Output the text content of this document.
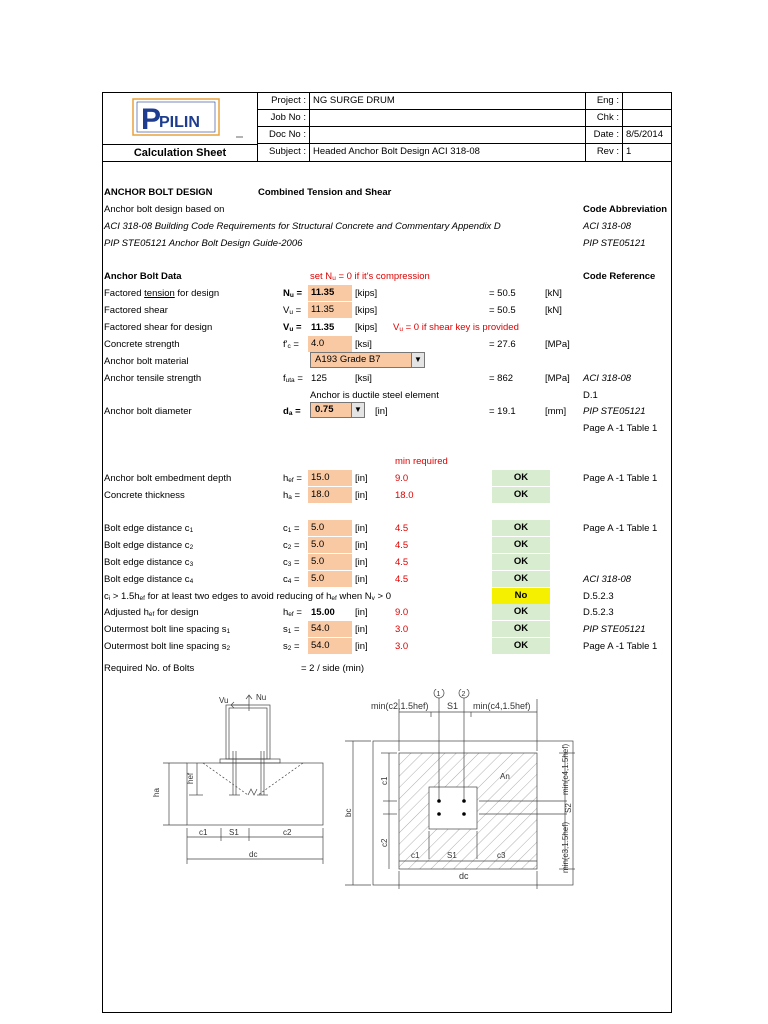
P
PILIN
Calculation Sheet
Project : NG SURGE DRUM	Eng :
Job No :	Chk :
Doc No :	Date : 8/5/2014
Subject : Headed Anchor Bolt Design ACI 318-08	Rev : 1
ANCHOR BOLT DESIGN	Combined Tension and Shear
Anchor bolt design based on	Code Abbreviation
ACI 318-08 Building Code Requirements for Structural Concrete and Commentary Appendix D	ACI 318-08
PIP STE05121 Anchor Bolt Design Guide-2006	PIP STE05121
Anchor Bolt Data	set $N_u = 0$ if it's compression	Code Reference
Factored tension for design	$N_u = 11.35$	[kips]	= 50.5	[kN]
Factored shear	$V_u$ =	11.35	[kips]	= 50.5	[kN]
Factored shear for design	$V_u = 11.35$ [kips] $V_u = 0$ if shear key is provided
Concrete strength	$f'_c$ =	4.0	[ksi]	= 27.6	[MPa]
Anchor bolt material	A193 Grade B7	▼
Anchor tensile strength	$f_{uta} = 125$	[ksi]	= 862	[MPa] ACI 318-08
Anchor is ductile steel element	D.1
Anchor bolt diameter	$d_a$ =	0.75	▼ [in]	= 19.1	[mm] PIP STE05121
Page A -1 Table 1
min required
Anchor bolt embedment depth	$h_{ef} = 15.0$	[in]	9.0	OK	Page A -1 Table 1
Concrete thickness	$h_a$ =	18.0	[in]	18.0	OK
Bolt edge distance $c_1$	$c_1$ =	5.0	[in]	4.5	OK	Page A -1 Table 1
Bolt edge distance $c_2$	$c_2$ =	5.0	[in]	4.5	OK
Bolt edge distance $c_3$	$c_3$ =	5.0	[in]	4.5	OK
Bolt edge distance $c_4$	$c_4$ =	5.0	[in]	4.5	OK	ACI 318-08
$c_i > 1.5h_{ef}$ for at least two edges to avoid reducing of $h_{ef}$ when $N_v > 0$	No	D.5.2.3
Adjusted $h_{ef}$ for design	$h_{ef} = 15.00$ [in]	9.0	OK	D.5.2.3
Outermost bolt line spacing $s_1$	$s_1$ =	54.0	[in]	3.0	OK	PIP STE05121
Outermost bolt line spacing $s_2$	$s_2$ =	54.0	[in]	3.0	OK	Page A -1 Table 1
Required No. of Bolts	= 2 / side (min)
Nu
Vu
ha
hef
c1	S1	c2
dc
1	2
min(c2,1.5hef) S1 min(c4,1.5hef)
bc
c1
c2
An
S2
min(c4,1.5hef)
min(c3,1.5hef)
c1	S1	c3
dc
